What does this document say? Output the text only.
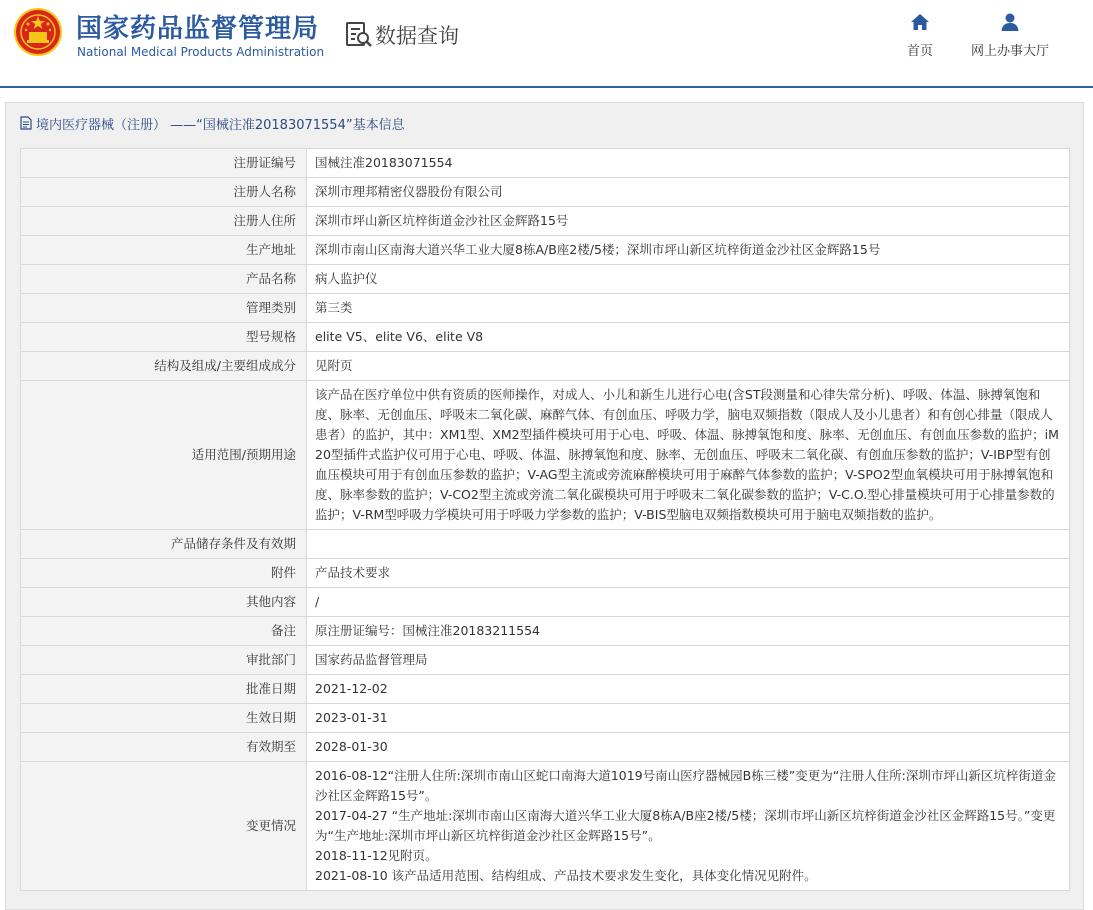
国家药品监督管理局
National Medical Products Administration
数据查询
首页	网上办事大厅
境内医疗器械（注册） ——“国械注准20183071554”基本信息
注册证编号	国械注准20183071554
注册人名称	深圳市理邦精密仪器股份有限公司
注册人住所	深圳市坪山新区坑梓街道金沙社区金辉路15号
生产地址	深圳市南山区南海大道兴华工业大厦8栋A/B座2楼/5楼；深圳市坪山新区坑梓街道金沙社区金辉路15号
产品名称	病人监护仪
管理类别	第三类
型号规格	elite V5、elite V6、elite V8
结构及组成/主要组成成分	见附页
适用范围/预期用途	该产品在医疗单位中供有资质的医师操作，对成人、小儿和新生儿进行心电(含ST段测量和心律失常分析)、呼吸、体温、脉搏氧饱和度、脉率、无创血压、呼吸末二氧化碳、麻醉气体、有创血压、呼吸力学，脑电双频指数（限成人及小儿患者）和有创心排量（限成人患者）的监护，其中：XM1型、XM2型插件模块可用于心电、呼吸、体温、脉搏氧饱和度、脉率、无创血压、有创血压参数的监护；iM20型插件式监护仪可用于心电、呼吸、体温、脉搏氧饱和度、脉率、无创血压、呼吸末二氧化碳、有创血压参数的监护；V-IBP型有创血压模块可用于有创血压参数的监护；V-AG型主流或旁流麻醉模块可用于麻醉气体参数的监护；V-SPO2型血氧模块可用于脉搏氧饱和度、脉率参数的监护；V-CO2型主流或旁流二氧化碳模块可用于呼吸末二氧化碳参数的监护；V-C.O.型心排量模块可用于心排量参数的监护；V-RM型呼吸力学模块可用于呼吸力学参数的监护；V-BIS型脑电双频指数模块可用于脑电双频指数的监护。
产品储存条件及有效期	
附件	产品技术要求
其他内容	/
备注	原注册证编号：国械注准20183211554
审批部门	国家药品监督管理局
批准日期	2021-12-02
生效日期	2023-01-31
有效期至	2028-01-30
变更情况	2016-08-12“注册人住所:深圳市南山区蛇口南海大道1019号南山医疗器械园B栋三楼”变更为“注册人住所:深圳市坪山新区坑梓街道金沙社区金辉路15号”。
2017-04-27 “生产地址:深圳市南山区南海大道兴华工业大厦8栋A/B座2楼/5楼；深圳市坪山新区坑梓街道金沙社区金辉路15号。”变更为“生产地址:深圳市坪山新区坑梓街道金沙社区金辉路15号”。
2018-11-12见附页。
2021-08-10 该产品适用范围、结构组成、产品技术要求发生变化，具体变化情况见附件。
